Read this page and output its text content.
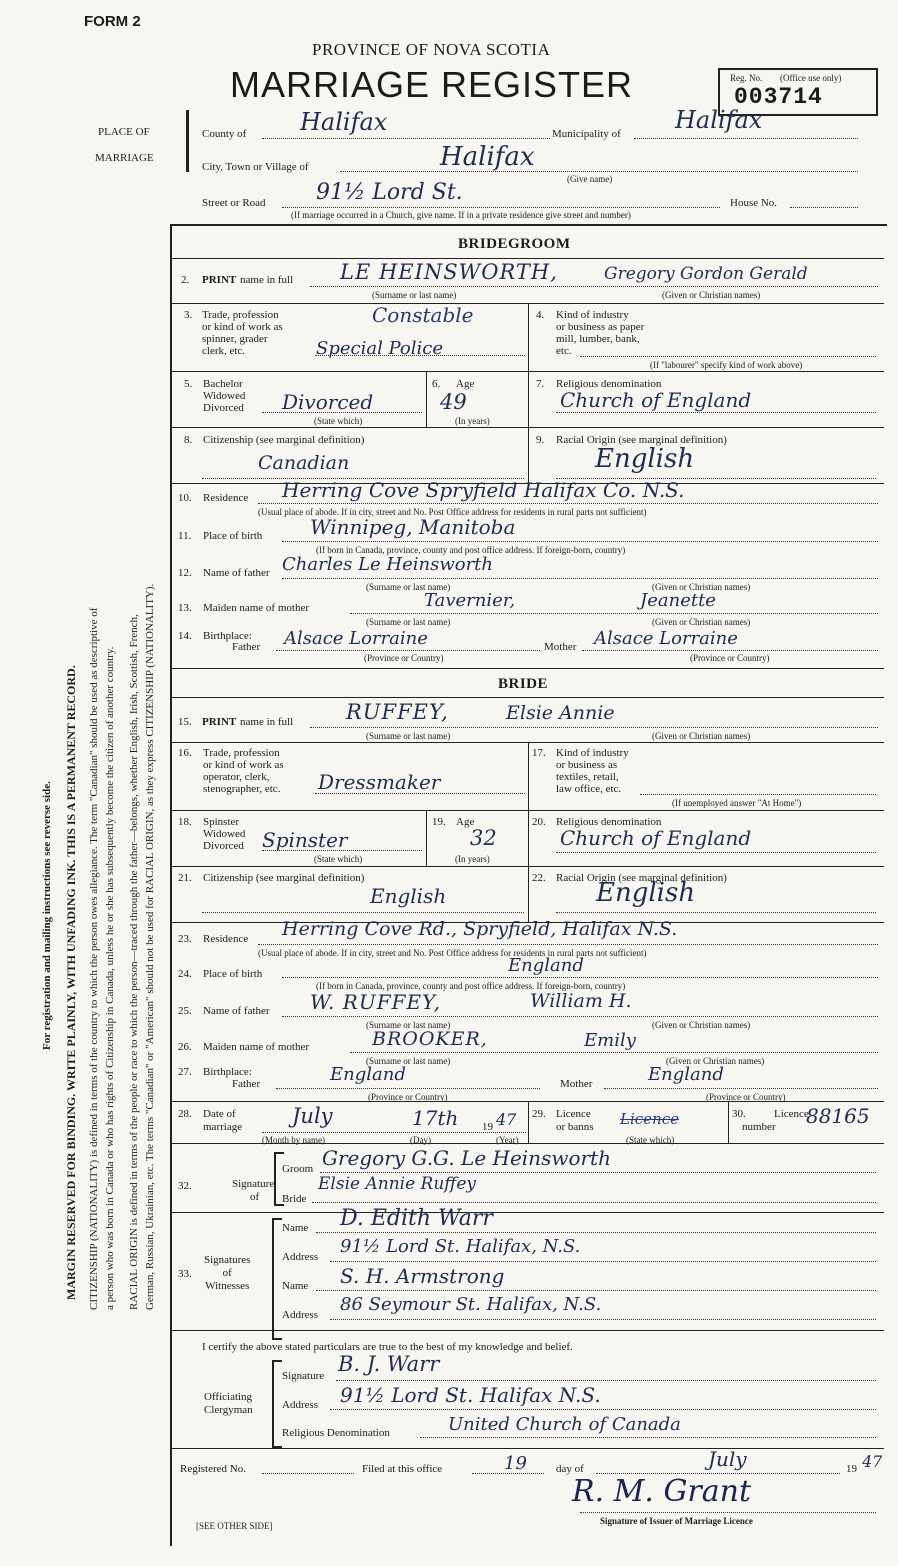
FORM 2
PROVINCE OF NOVA SCOTIA
MARRIAGE REGISTER	Reg. No. (Office use only)
003714
PLACE OF
MARRIAGE
County of Halifax	Municipality of Halifax
City, Town or Village of	Halifax
(Give name)
Street or Road 91½ Lord St.	House No.
(If marriage occurred in a Church, give name. If in a private residence give street and number)
For registration and mailing instructions see reverse side. MARGIN RESERVED FOR BINDING. WRITE PLAINLY, WITH UNFADING INK. THIS IS A PERMANENT RECORD. CITIZENSHIP (NATIONALITY) is defined in terms of the country to which the person owes allegiance. The term "Canadian" should be used as descriptive of a person who was born in Canada or who has rights of Citizenship in Canada, unless he or she has subsequently become the citizen of another country. RACIAL ORIGIN is defined in terms of the people or race to which the person—traced through the father—belongs, whether English, Irish, Scottish, French, German, Russian, Ukrainian, etc. The terms "Canadian" or "American" should not be used for RACIAL ORIGIN, as they express CITIZENSHIP (NATIONALITY).
BRIDEGROOM
2. PRINT name in full LE HEINSWORTH,	Gregory Gordon Gerald
(Surname or last name)	(Given or Christian names)
3. Trade, profession
or kind of work as
spinner, grader
clerk, etc.
Constable
Special Police
4. Kind of industry
or business as paper
mill, lumber, bank,
etc.
(If "labourer" specify kind of work above)
5. Bachelor
Widowed
Divorced Divorced
(State which)
6. Age
49
(In years)
7. Religious denomination
Church of England
8. Citizenship (see marginal definition)
Canadian
9. Racial Origin (see marginal definition)
English
10. Residence Herring Cove Spryfield Halifax Co. N.S.
(Usual place of abode. If in city, street and No. Post Office address for residents in rural parts not sufficient)
11. Place of birth Winnipeg, Manitoba
(If born in Canada, province, county and post office address. If foreign-born, country)
12. Name of father Charles Le Heinsworth
(Surname or last name)	(Given or Christian names)
13. Maiden name of mother	Tavernier,	Jeanette
(Surname or last name)	(Given or Christian names)
14. Birthplace:
Father Alsace Lorraine	Mother Alsace Lorraine
(Province or Country)	(Province or Country)
BRIDE
15. PRINT name in full	RUFFEY,	Elsie Annie
(Surname or last name)	(Given or Christian names)
16. Trade, profession
or kind of work as
operator, clerk,
stenographer, etc. Dressmaker
17. Kind of industry
or business as
textiles, retail,
law office, etc.
(If unemployed answer "At Home")
18. Spinster
Widowed
Divorced Spinster
(State which)
19. Age
32
(In years)
20. Religious denomination
Church of England
21. Citizenship (see marginal definition)
English
22. Racial Origin (see marginal definition)
English
23. Residence Herring Cove Rd., Spryfield, Halifax N.S.
(Usual place of abode. If in city, street and No. Post Office address for residents in rural parts not sufficient)
24. Place of birth	England
(If born in Canada, province, county and post office address. If foreign-born, country)
25. Name of father W. RUFFEY,	William H.
(Surname or last name)	(Given or Christian names)
26. Maiden name of mother	BROOKER,	Emily
(Surname or last name)	(Given or Christian names)
27. Birthplace:
Father	England	Mother	England
(Province or Country)	(Province or Country)
28. Date of
marriage July	17th 19 47
(Month by name)	(Day)	(Year)
29. Licence
or banns Licence
(State which)
30.	Licence
number 88165
32.	Signature
of
Groom Gregory G.G. Le Heinsworth
Bride
Elsie Annie Ruffey
33.
Signatures
of
Witnesses
Name D. Edith Warr
Address 91½ Lord St. Halifax, N.S.
Name S. H. Armstrong
Address 86 Seymour St. Halifax, N.S.
I certify the above stated particulars are true to the best of my knowledge and belief.
Officiating
Clergyman
Signature B. J. Warr
Address 91½ Lord St. Halifax N.S.
Religious Denomination	United Church of Canada
Registered No.	Filed at this office	19	day of	July	19 47
R. M. Grant
Signature of Issuer of Marriage Licence
[SEE OTHER SIDE]
